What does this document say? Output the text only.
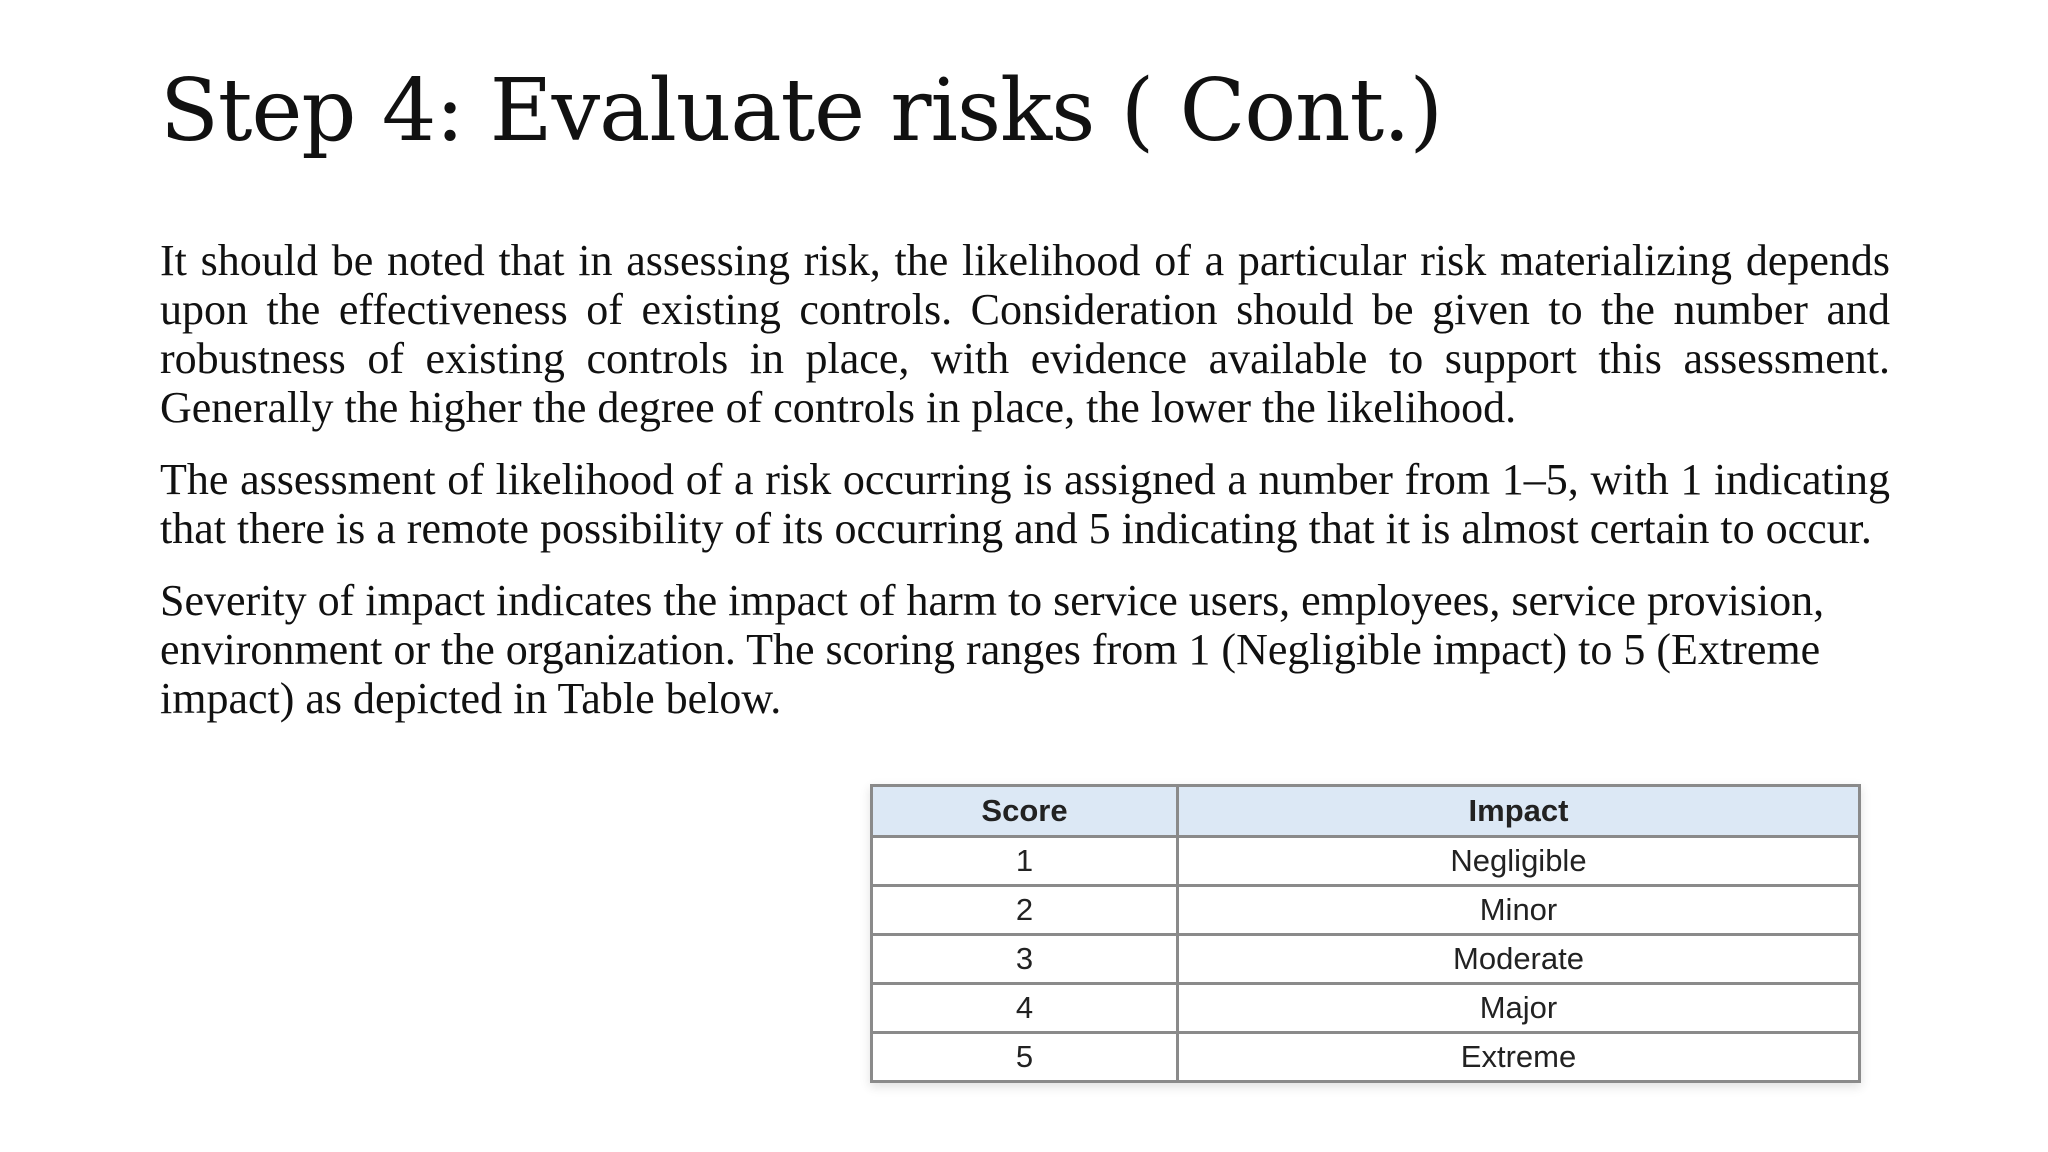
Step 4: Evaluate risks ( Cont.)

It should be noted that in assessing risk, the likelihood of a particular risk materializing depends upon the effectiveness of existing controls. Consideration should be given to the number and robustness of existing controls in place, with evidence available to support this assessment. Generally the higher the degree of controls in place, the lower the likelihood.

The assessment of likelihood of a risk occurring is assigned a number from 1–5, with 1 indicating that there is a remote possibility of its occurring and 5 indicating that it is almost certain to occur.

Severity of impact indicates the impact of harm to service users, employees, service provision, environment or the organization. The scoring ranges from 1 (Negligible impact) to 5 (Extreme impact) as depicted in Table below.

Score	Impact
1	Negligible
2	Minor
3	Moderate
4	Major
5	Extreme
